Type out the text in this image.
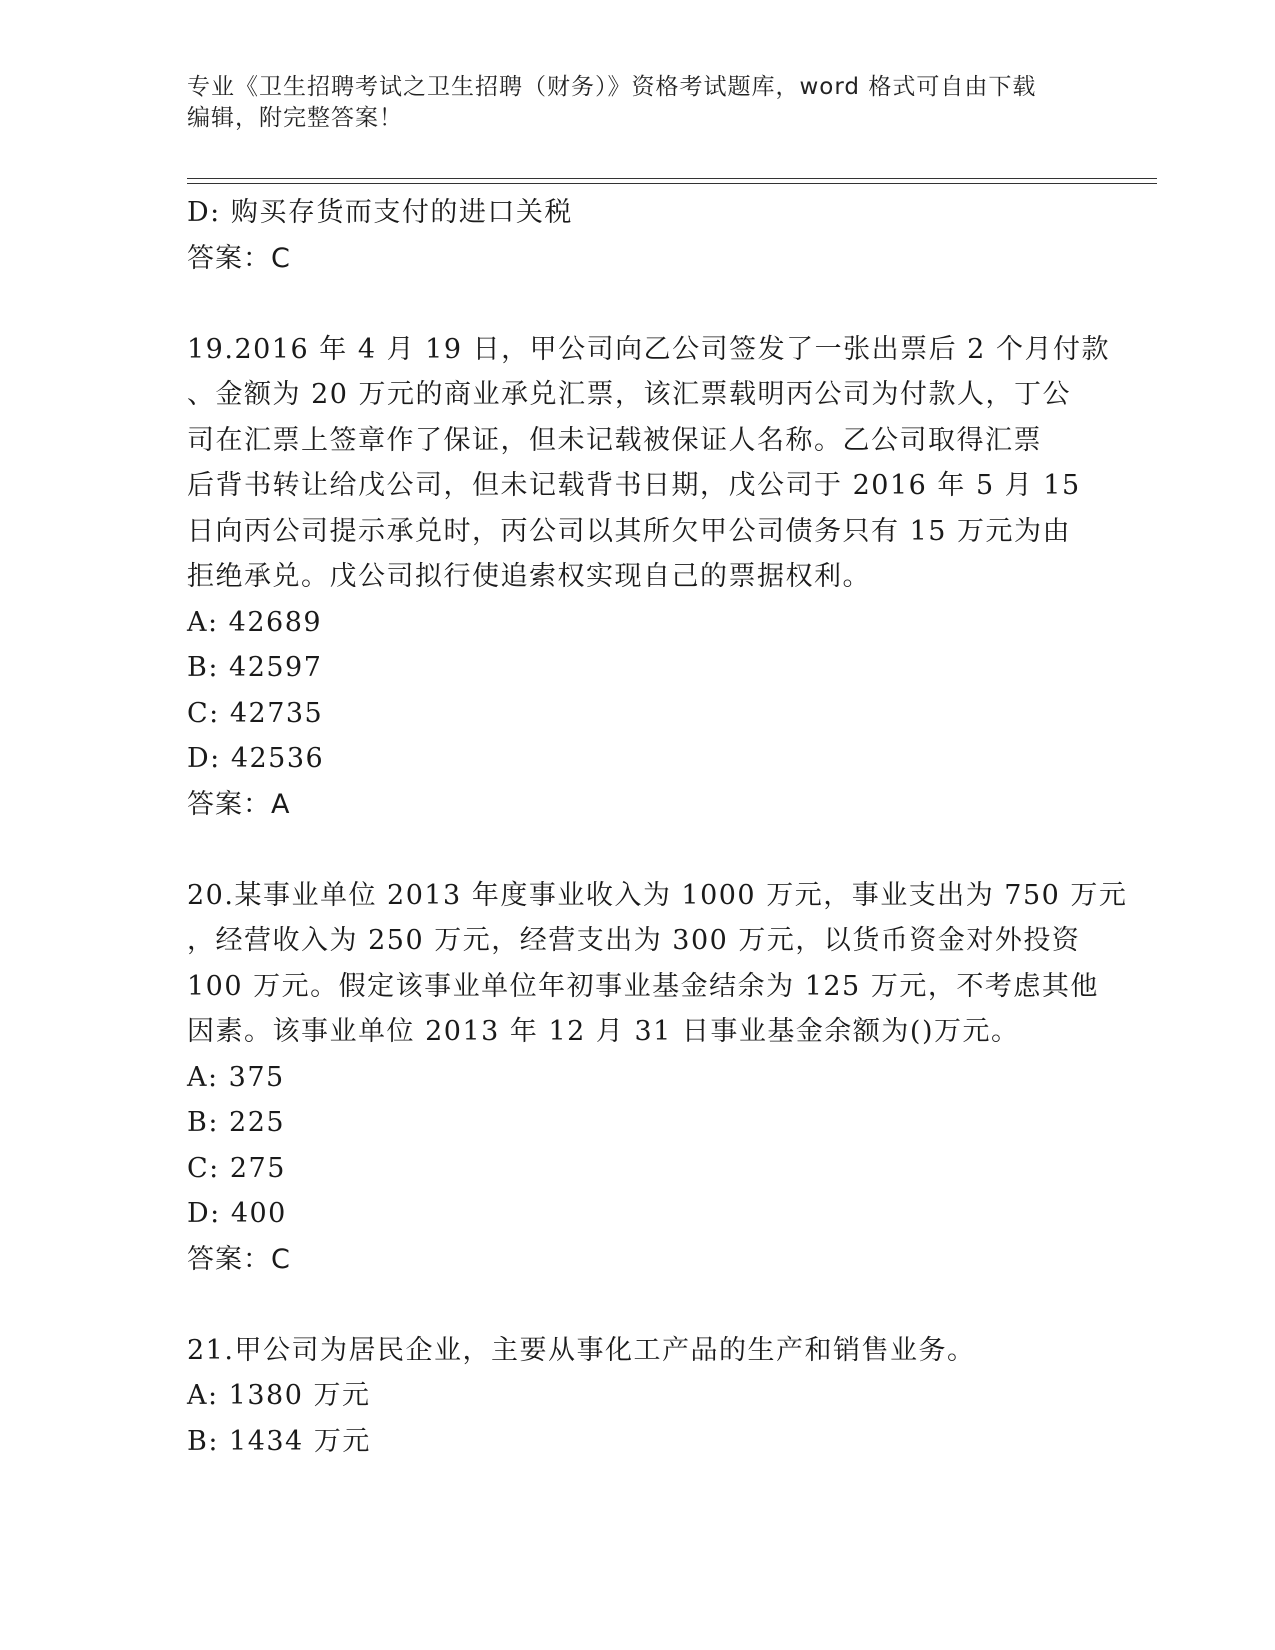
专业《卫生招聘考试之卫生招聘（财务）》资格考试题库，word 格式可自由下载
编辑，附完整答案！
D: 购买存货而支付的进口关税
答案：C
19.2016 年 4 月 19 日，甲公司向乙公司签发了一张出票后 2 个月付款
、金额为 20 万元的商业承兑汇票，该汇票载明丙公司为付款人，丁公
司在汇票上签章作了保证，但未记载被保证人名称。乙公司取得汇票
后背书转让给戊公司，但未记载背书日期，戊公司于 2016 年 5 月 15
日向丙公司提示承兑时，丙公司以其所欠甲公司债务只有 15 万元为由
拒绝承兑。戊公司拟行使追索权实现自己的票据权利。
A: 42689
B: 42597
C: 42735
D: 42536
答案：A
20.某事业单位 2013 年度事业收入为 1000 万元，事业支出为 750 万元
，经营收入为 250 万元，经营支出为 300 万元，以货币资金对外投资
100 万元。假定该事业单位年初事业基金结余为 125 万元，不考虑其他
因素。该事业单位 2013 年 12 月 31 日事业基金余额为()万元。
A: 375
B: 225
C: 275
D: 400
答案：C
21.甲公司为居民企业，主要从事化工产品的生产和销售业务。
A: 1380 万元
B: 1434 万元
